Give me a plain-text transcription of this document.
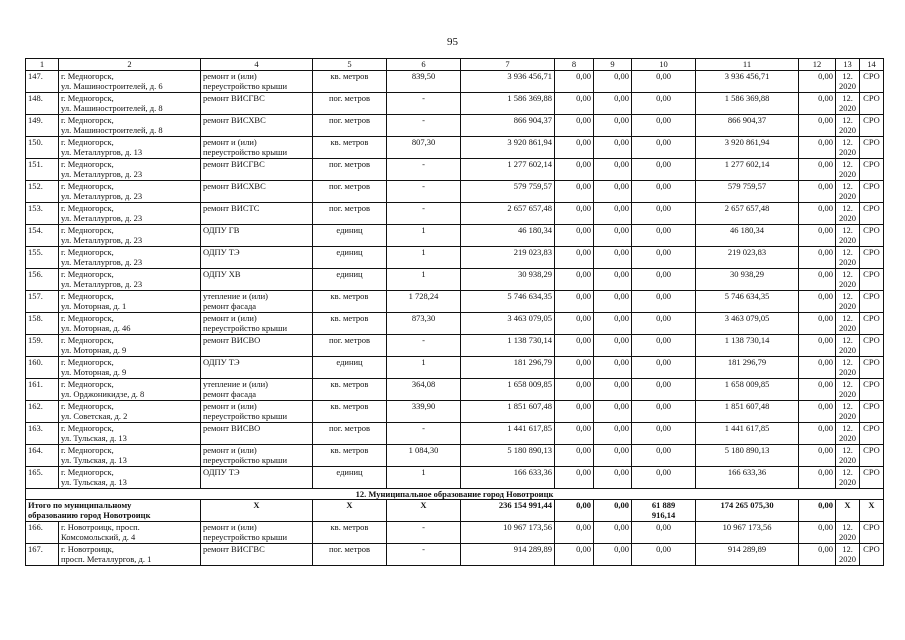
95
1	2	4	5	6	7	8	9	10	11	12	13	14

147.	г. Медногорск,
ул. Машиностроителей, д. 6	ремонт и (или)
переустройство крыши	кв. метров	839,50	3 936 456,71	0,00	0,00	0,00	3 936 456,71	0,00	12.
2020	СРО

148.	г. Медногорск,
ул. Машиностроителей, д. 8	ремонт ВИСГВС	пог. метров	-	1 586 369,88	0,00	0,00	0,00	1 586 369,88	0,00	12.
2020	СРО

149.	г. Медногорск,
ул. Машиностроителей, д. 8	ремонт ВИСХВС	пог. метров	-	866 904,37	0,00	0,00	0,00	866 904,37	0,00	12.
2020	СРО

150.	г. Медногорск,
ул. Металлургов, д. 13	ремонт и (или)
переустройство крыши	кв. метров	807,30	3 920 861,94	0,00	0,00	0,00	3 920 861,94	0,00	12.
2020	СРО

151.	г. Медногорск,
ул. Металлургов, д. 23	ремонт ВИСГВС	пог. метров	-	1 277 602,14	0,00	0,00	0,00	1 277 602,14	0,00	12.
2020	СРО

152.	г. Медногорск,
ул. Металлургов, д. 23	ремонт ВИСХВС	пог. метров	-	579 759,57	0,00	0,00	0,00	579 759,57	0,00	12.
2020	СРО

153.	г. Медногорск,
ул. Металлургов, д. 23	ремонт ВИСТС	пог. метров	-	2 657 657,48	0,00	0,00	0,00	2 657 657,48	0,00	12.
2020	СРО

154.	г. Медногорск,
ул. Металлургов, д. 23	ОДПУ ГВ	единиц	1	46 180,34	0,00	0,00	0,00	46 180,34	0,00	12.
2020	СРО

155.	г. Медногорск,
ул. Металлургов, д. 23	ОДПУ ТЭ	единиц	1	219 023,83	0,00	0,00	0,00	219 023,83	0,00	12.
2020	СРО

156.	г. Медногорск,
ул. Металлургов, д. 23	ОДПУ ХВ	единиц	1	30 938,29	0,00	0,00	0,00	30 938,29	0,00	12.
2020	СРО

157.	г. Медногорск,
ул. Моторная, д. 1	утепление и (или)
ремонт фасада	кв. метров	1 728,24	5 746 634,35	0,00	0,00	0,00	5 746 634,35	0,00	12.
2020	СРО

158.	г. Медногорск,
ул. Моторная, д. 46	ремонт и (или)
переустройство крыши	кв. метров	873,30	3 463 079,05	0,00	0,00	0,00	3 463 079,05	0,00	12.
2020	СРО

159.	г. Медногорск,
ул. Моторная, д. 9	ремонт ВИСВО	пог. метров	-	1 138 730,14	0,00	0,00	0,00	1 138 730,14	0,00	12.
2020	СРО

160.	г. Медногорск,
ул. Моторная, д. 9	ОДПУ ТЭ	единиц	1	181 296,79	0,00	0,00	0,00	181 296,79	0,00	12.
2020	СРО

161.	г. Медногорск,
ул. Орджоникидзе, д. 8	утепление и (или)
ремонт фасада	кв. метров	364,08	1 658 009,85	0,00	0,00	0,00	1 658 009,85	0,00	12.
2020	СРО

162.	г. Медногорск,
ул. Советская, д. 2	ремонт и (или)
переустройство крыши	кв. метров	339,90	1 851 607,48	0,00	0,00	0,00	1 851 607,48	0,00	12.
2020	СРО

163.	г. Медногорск,
ул. Тульская, д. 13	ремонт ВИСВО	пог. метров	-	1 441 617,85	0,00	0,00	0,00	1 441 617,85	0,00	12.
2020	СРО

164.	г. Медногорск,
ул. Тульская, д. 13	ремонт и (или)
переустройство крыши	кв. метров	1 084,30	5 180 890,13	0,00	0,00	0,00	5 180 890,13	0,00	12.
2020	СРО

165.	г. Медногорск,
ул. Тульская, д. 13	ОДПУ ТЭ	единиц	1	166 633,36	0,00	0,00	0,00	166 633,36	0,00	12.
2020	СРО

12. Муниципальное образование город Новотроицк												

Итого по муниципальному
образованию город Новотроицк		Х	Х	Х	236 154 991,44	0,00	0,00	61 889
916,14	174 265 075,30	0,00	Х	Х

166.	г. Новотроицк, просп.
Комсомольский, д. 4	ремонт и (или)
переустройство крыши	кв. метров	-	10 967 173,56	0,00	0,00	0,00	10 967 173,56	0,00	12.
2020	СРО

167.	г. Новотроицк,
просп. Металлургов, д. 1	ремонт ВИСГВС	пог. метров	-	914 289,89	0,00	0,00	0,00	914 289,89	0,00	12.
2020	СРО
